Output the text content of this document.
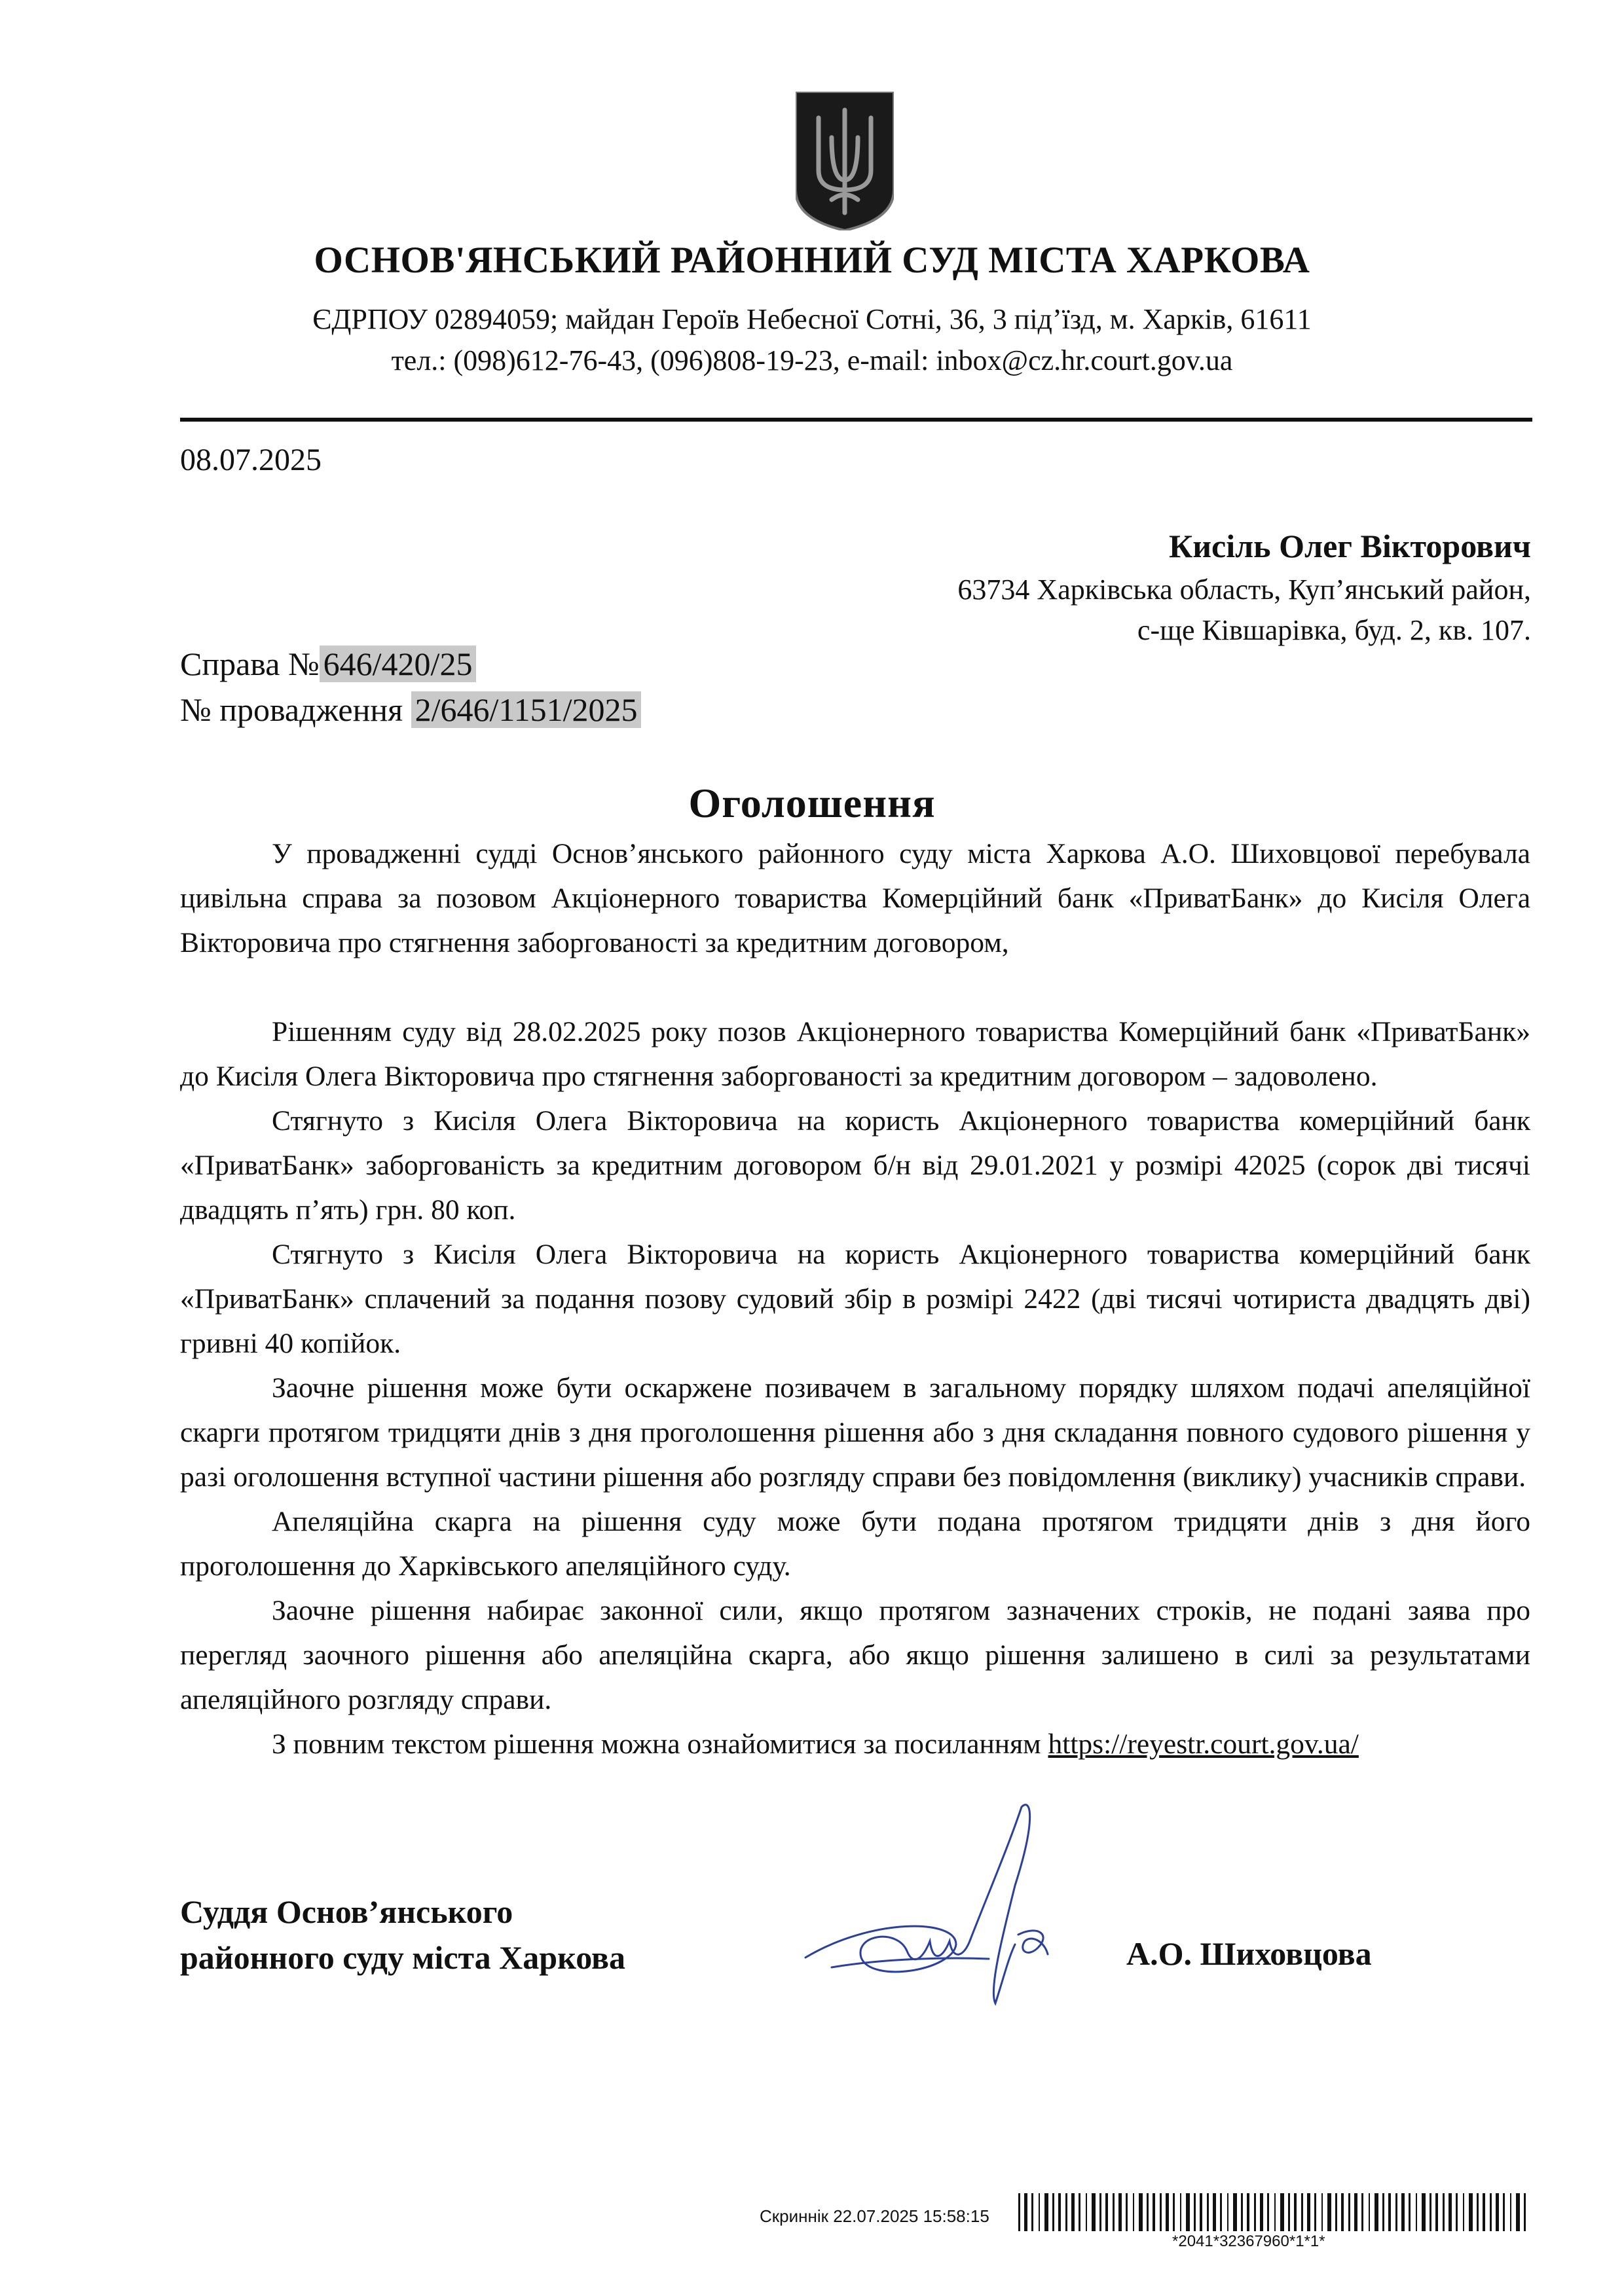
ОСНОВ'ЯНСЬКИЙ РАЙОННИЙ СУД МІСТА ХАРКОВА
ЄДРПОУ 02894059; майдан Героїв Небесної Сотні, 36, 3 під’їзд, м. Харків, 61611
тел.: (098)612-76-43, (096)808-19-23, e-mail: inbox@cz.hr.court.gov.ua
08.07.2025
Кисіль Олег Вікторович
63734 Харківська область, Куп’янський район,
с-ще Ківшарівка, буд. 2, кв. 107.
Справа № 646/420/25
№ провадження 2/646/1151/2025
Оголошення

У провадженні судді Основ’янського районного суду міста Харкова А.О. Шиховцової перебувала цивільна справа за позовом Акціонерного товариства Комерційний банк «ПриватБанк» до Кисіля Олега Вікторовича про стягнення заборгованості за кредитним договором,

Рішенням суду від 28.02.2025 року позов Акціонерного товариства Комерційний банк «ПриватБанк» до Кисіля Олега Вікторовича про стягнення заборгованості за кредитним договором – задоволено.

Стягнуто з Кисіля Олега Вікторовича на користь Акціонерного товариства комерційний банк «ПриватБанк» заборгованість за кредитним договором б/н від 29.01.2021 у розмірі 42025 (сорок дві тисячі двадцять п’ять) грн. 80 коп.

Стягнуто з Кисіля Олега Вікторовича на користь Акціонерного товариства комерційний банк «ПриватБанк» сплачений за подання позову судовий збір в розмірі 2422 (дві тисячі чотириста двадцять дві) гривні 40 копійок.

Заочне рішення може бути оскаржене позивачем в загальному порядку шляхом подачі апеляційної скарги протягом тридцяти днів з дня проголошення рішення або з дня складання повного судового рішення у разі оголошення вступної частини рішення або розгляду справи без повідомлення (виклику) учасників справи.

Апеляційна скарга на рішення суду може бути подана протягом тридцяти днів з дня його проголошення до Харківського апеляційного суду.

Заочне рішення набирає законної сили, якщо протягом зазначених строків, не подані заява про перегляд заочного рішення або апеляційна скарга, або якщо рішення залишено в силі за результатами апеляційного розгляду справи.

З повним текстом рішення можна ознайомитися за посиланням https://reyestr.court.gov.ua/

Суддя Основ’янського
районного суду міста Харкова	А.О. Шиховцова
Скриннік 22.07.2025 15:58:15
*2041*32367960*1*1*
